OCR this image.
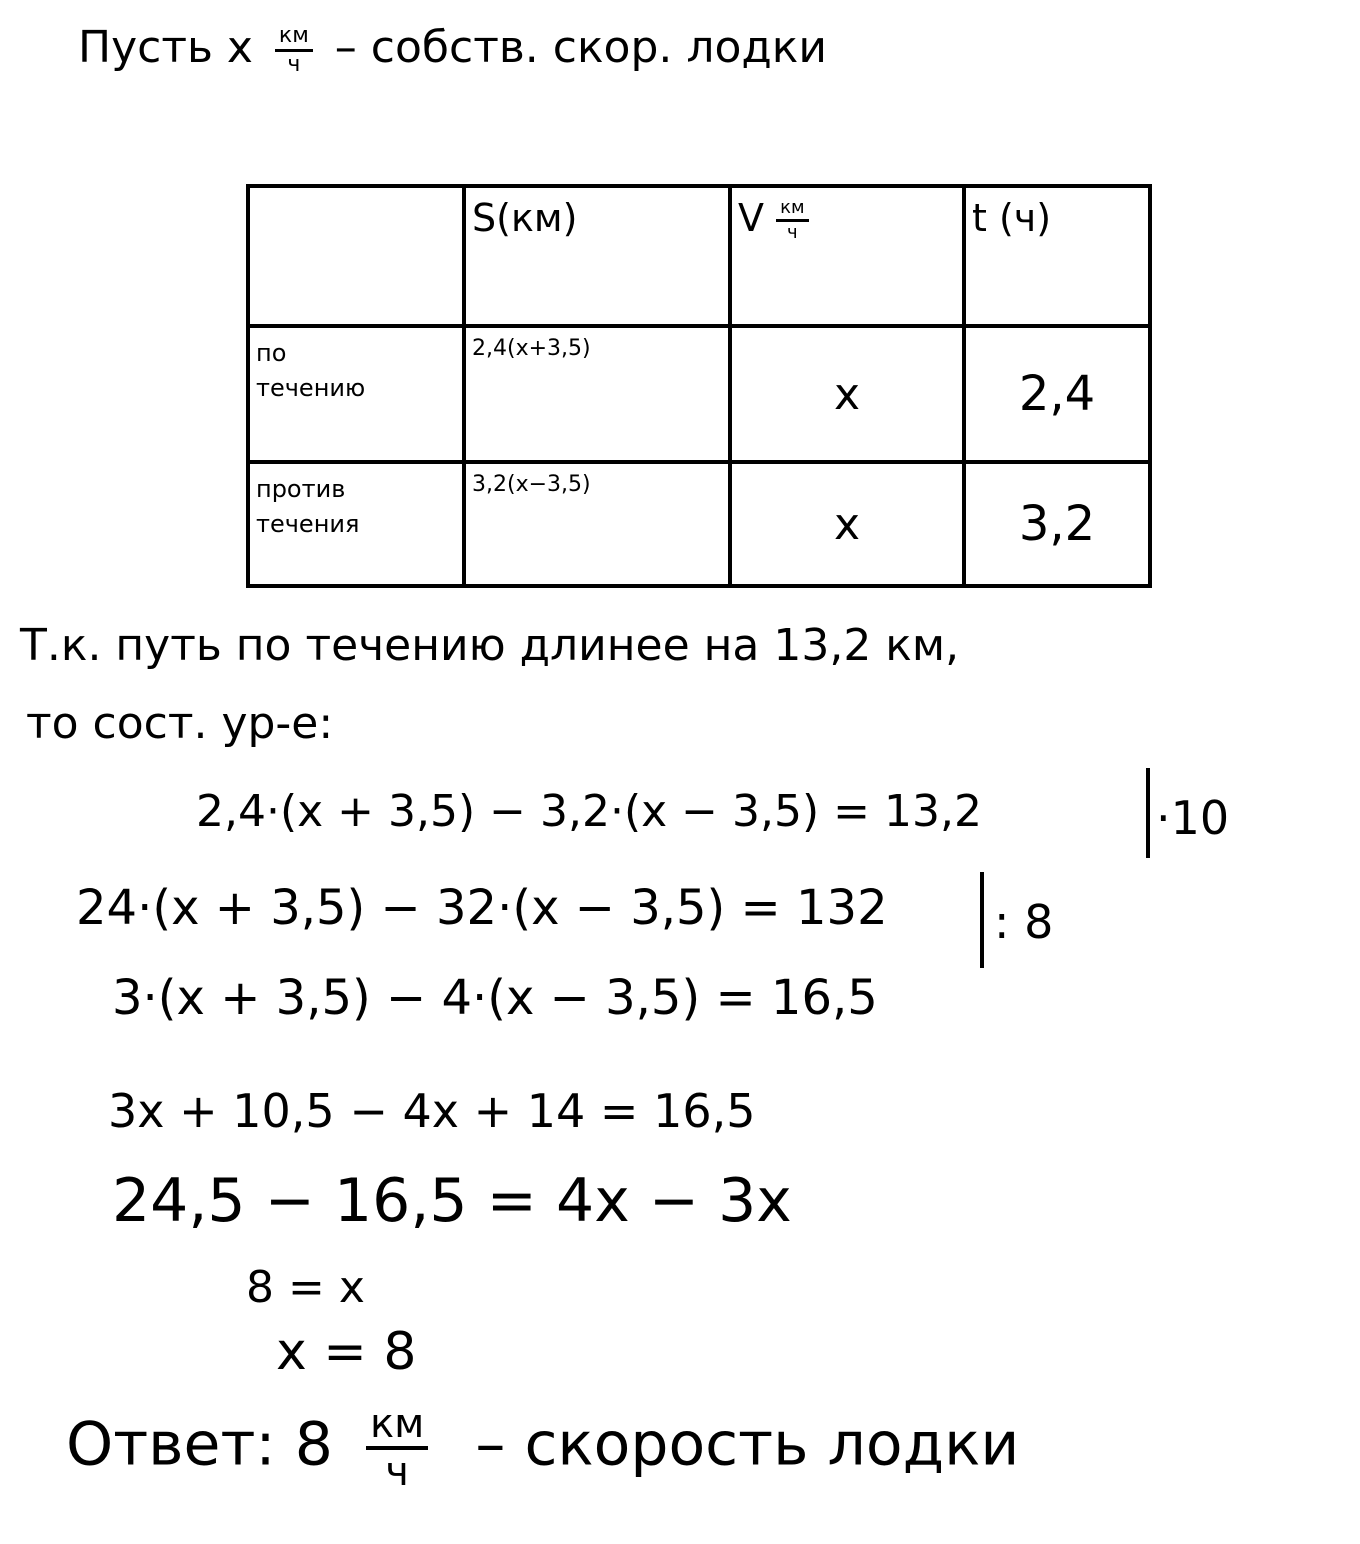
Пусть x $\frac{км}{ч}$ – собств. скор. лодки
	S(км)	V $\frac{км}{ч}$	t (ч)

по
течению	2,4(x+3,5)	x	2,4

против
течения	3,2(x−3,5)	x	3,2
Т.к. путь по течению длинее на 13,2 км,
то сост. ур-е:
2,4·(x + 3,5) − 3,2·(x − 3,5) = 13,2	·10
24·(x + 3,5) − 32·(x − 3,5) = 132	: 8
3·(x + 3,5) − 4·(x − 3,5) = 16,5
3x + 10,5 − 4x + 14 = 16,5
24,5 − 16,5 = 4x − 3x
8 = x
x = 8
Ответ: $8 \frac{км}{ч}$ – скорость лодки
